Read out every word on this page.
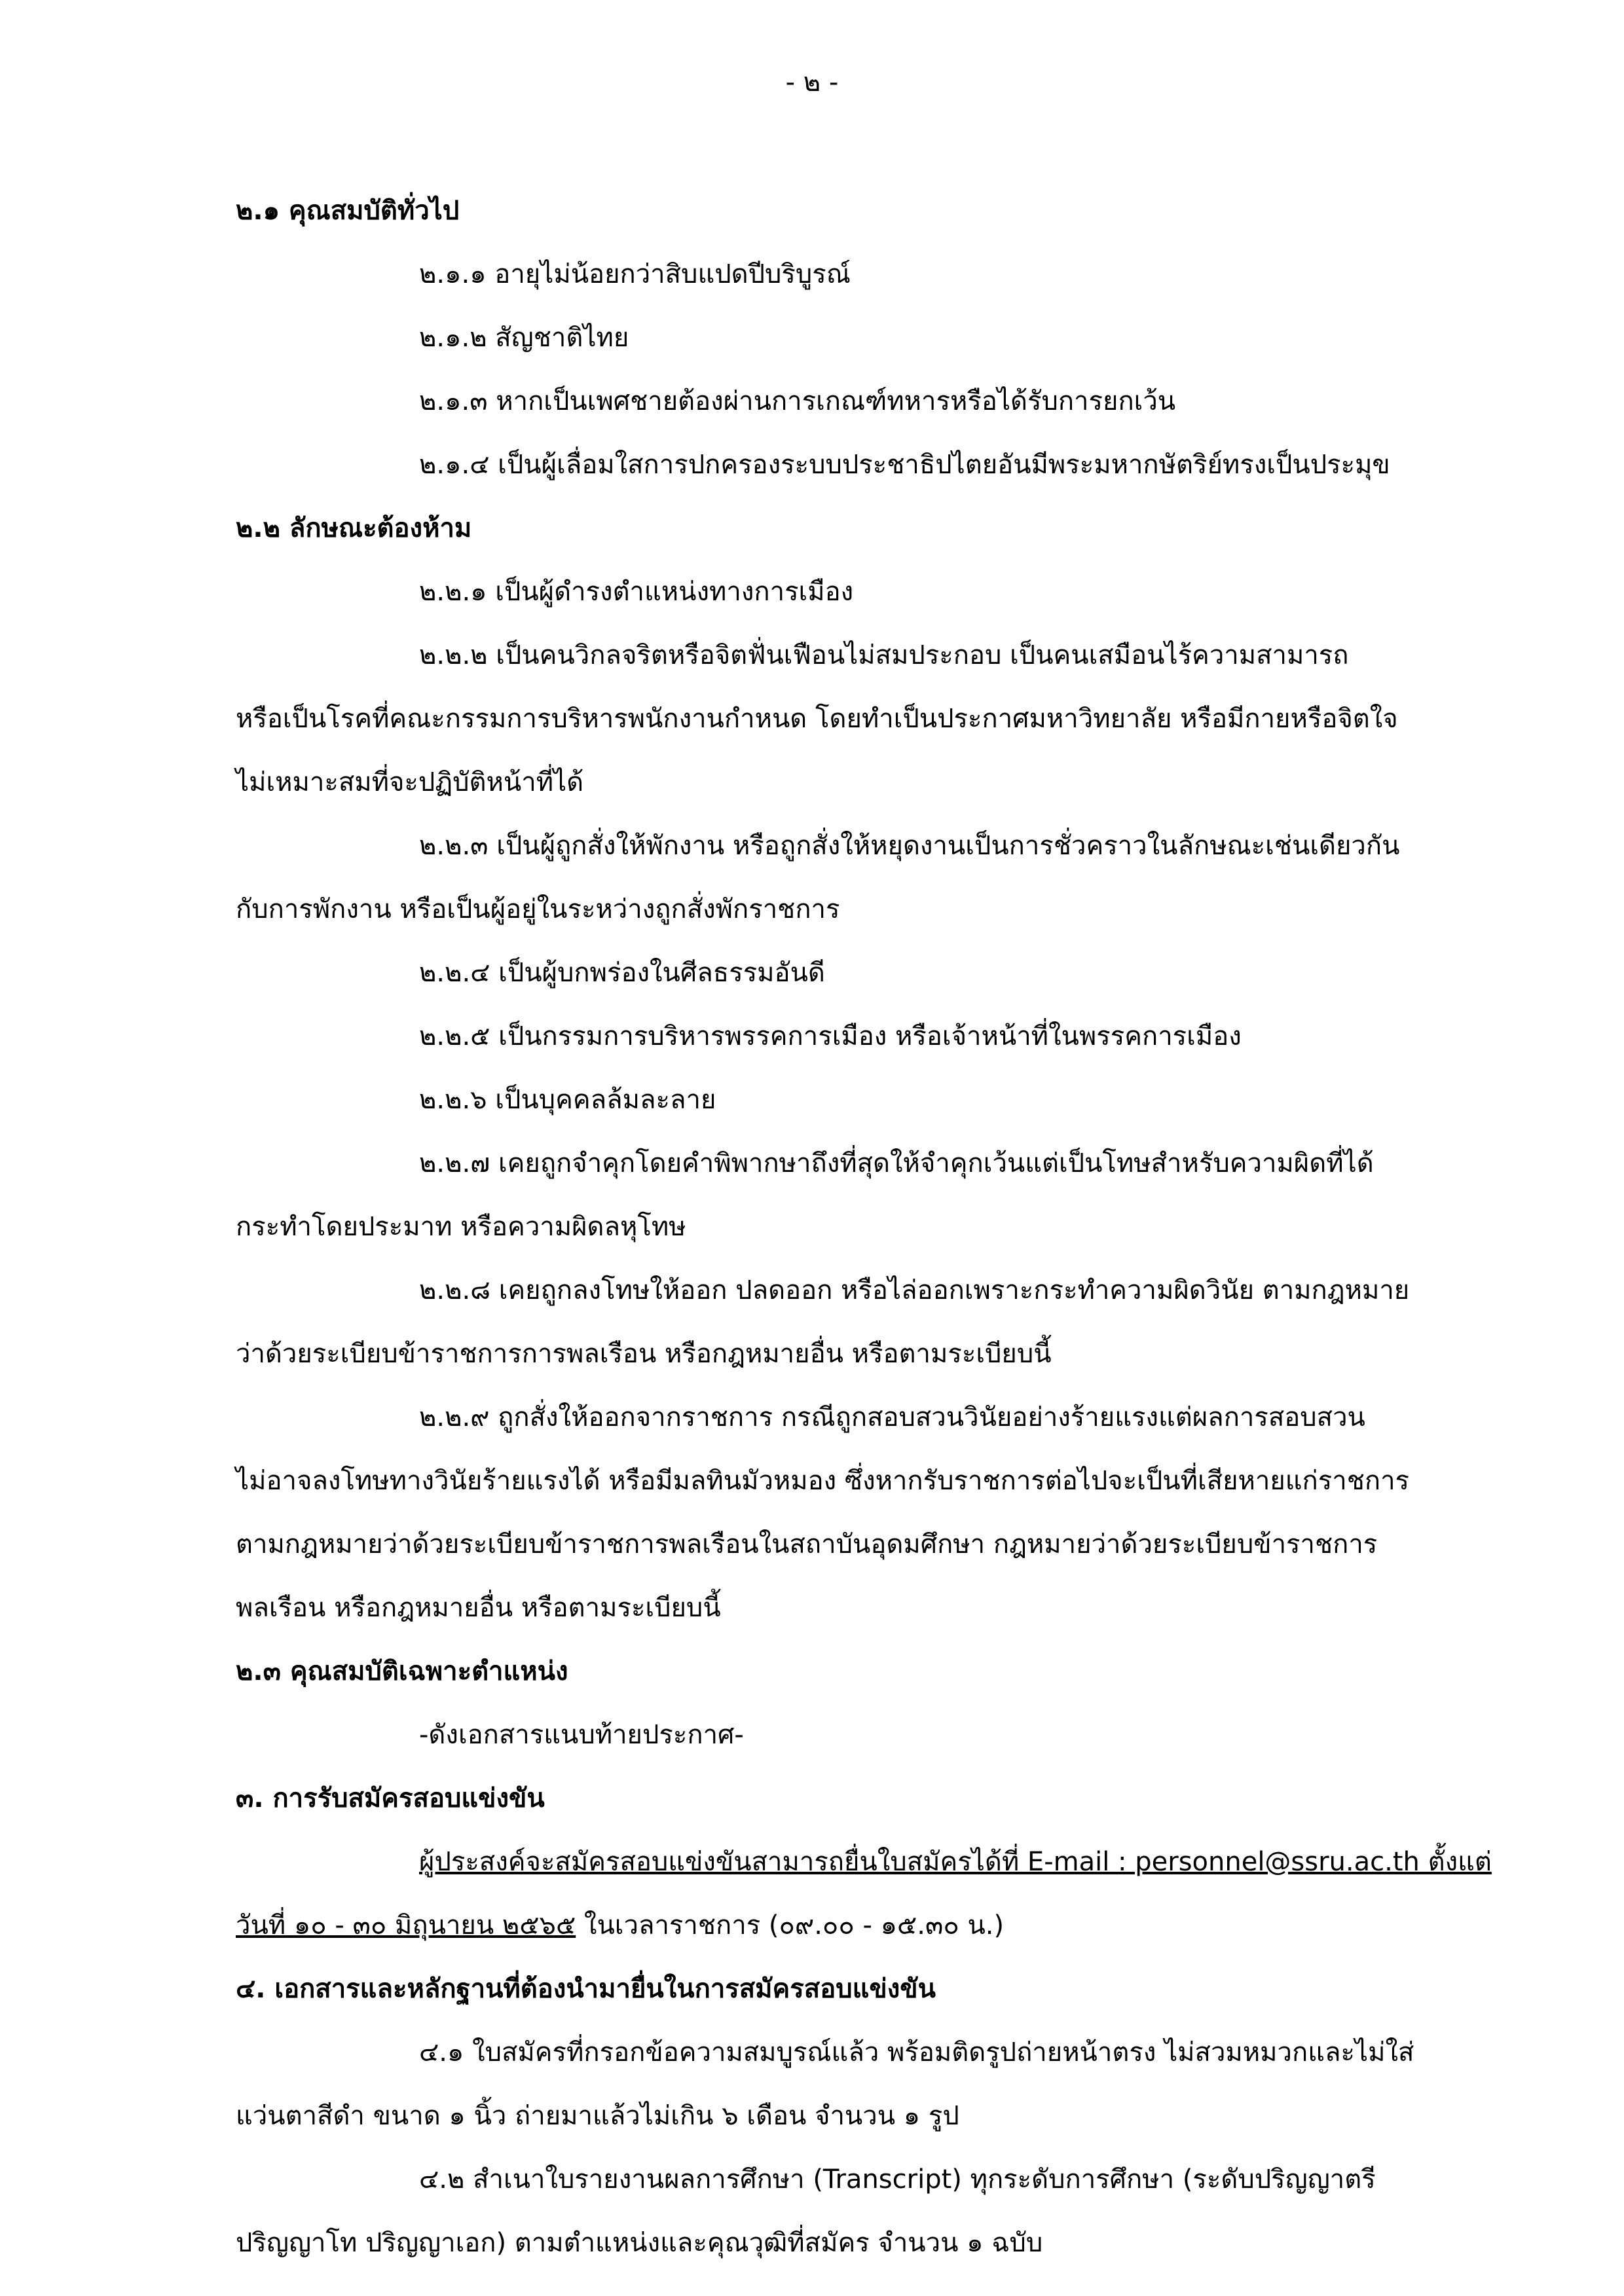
- ๒ -
๒.๑ คุณสมบัติทั่วไป
๒.๑.๑ อายุไม่น้อยกว่าสิบแปดปีบริบูรณ์
๒.๑.๒ สัญชาติไทย
๒.๑.๓ หากเป็นเพศชายต้องผ่านการเกณฑ์ทหารหรือได้รับการยกเว้น
๒.๑.๔ เป็นผู้เลื่อมใสการปกครองระบบประชาธิปไตยอันมีพระมหากษัตริย์ทรงเป็นประมุข
๒.๒ ลักษณะต้องห้าม
๒.๒.๑ เป็นผู้ดำรงตำแหน่งทางการเมือง
๒.๒.๒ เป็นคนวิกลจริตหรือจิตฟั่นเฟือนไม่สมประกอบ เป็นคนเสมือนไร้ความสามารถ
หรือเป็นโรคที่คณะกรรมการบริหารพนักงานกำหนด โดยทำเป็นประกาศมหาวิทยาลัย หรือมีกายหรือจิตใจ
ไม่เหมาะสมที่จะปฏิบัติหน้าที่ได้
๒.๒.๓ เป็นผู้ถูกสั่งให้พักงาน หรือถูกสั่งให้หยุดงานเป็นการชั่วคราวในลักษณะเช่นเดียวกัน
กับการพักงาน หรือเป็นผู้อยู่ในระหว่างถูกสั่งพักราชการ
๒.๒.๔ เป็นผู้บกพร่องในศีลธรรมอันดี
๒.๒.๕ เป็นกรรมการบริหารพรรคการเมือง หรือเจ้าหน้าที่ในพรรคการเมือง
๒.๒.๖ เป็นบุคคลล้มละลาย
๒.๒.๗ เคยถูกจำคุกโดยคำพิพากษาถึงที่สุดให้จำคุกเว้นแต่เป็นโทษสำหรับความผิดที่ได้
กระทำโดยประมาท หรือความผิดลหุโทษ
๒.๒.๘ เคยถูกลงโทษให้ออก ปลดออก หรือไล่ออกเพราะกระทำความผิดวินัย ตามกฎหมาย
ว่าด้วยระเบียบข้าราชการการพลเรือน หรือกฎหมายอื่น หรือตามระเบียบนี้
๒.๒.๙ ถูกสั่งให้ออกจากราชการ กรณีถูกสอบสวนวินัยอย่างร้ายแรงแต่ผลการสอบสวน
ไม่อาจลงโทษทางวินัยร้ายแรงได้ หรือมีมลทินมัวหมอง ซึ่งหากรับราชการต่อไปจะเป็นที่เสียหายแก่ราชการ
ตามกฎหมายว่าด้วยระเบียบข้าราชการพลเรือนในสถาบันอุดมศึกษา กฎหมายว่าด้วยระเบียบข้าราชการ
พลเรือน หรือกฎหมายอื่น หรือตามระเบียบนี้
๒.๓ คุณสมบัติเฉพาะตำแหน่ง
-ดังเอกสารแนบท้ายประกาศ-
๓. การรับสมัครสอบแข่งขัน
ผู้ประสงค์จะสมัครสอบแข่งขันสามารถยื่นใบสมัครได้ที่ E-mail : personnel@ssru.ac.th ตั้งแต่
วันที่ ๑๐ - ๓๐ มิถุนายน ๒๕๖๕ ในเวลาราชการ (๐๙.๐๐ - ๑๕.๓๐ น.)
๔. เอกสารและหลักฐานที่ต้องนำมายื่นในการสมัครสอบแข่งขัน
๔.๑ ใบสมัครที่กรอกข้อความสมบูรณ์แล้ว พร้อมติดรูปถ่ายหน้าตรง ไม่สวมหมวกและไม่ใส่
แว่นตาสีดำ ขนาด ๑ นิ้ว ถ่ายมาแล้วไม่เกิน ๖ เดือน จำนวน ๑ รูป
๔.๒ สำเนาใบรายงานผลการศึกษา (Transcript) ทุกระดับการศึกษา (ระดับปริญญาตรี
ปริญญาโท ปริญญาเอก) ตามตำแหน่งและคุณวุฒิที่สมัคร จำนวน ๑ ฉบับ
